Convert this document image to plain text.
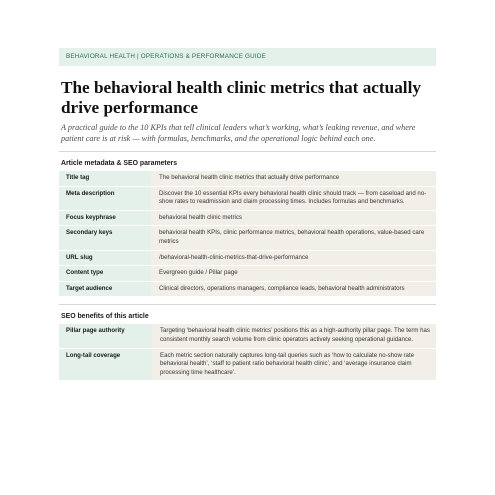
BEHAVIORAL HEALTH | OPERATIONS & PERFORMANCE GUIDE
The behavioral health clinic metrics that actually drive performance
A practical guide to the 10 KPIs that tell clinical leaders what’s working, what’s leaking revenue, and where patient care is at risk — with formulas, benchmarks, and the operational logic behind each one.
Article metadata & SEO parameters
Title tag	The behavioral health clinic metrics that actually drive performance
Meta description	Discover the 10 essential KPIs every behavioral health clinic should track — from caseload and no-show rates to readmission and claim processing times. Includes formulas and benchmarks.
Focus keyphrase	behavioral health clinic metrics
Secondary keys	behavioral health KPIs, clinic performance metrics, behavioral health operations, value-based care metrics
URL slug	/behavioral-health-clinic-metrics-that-drive-performance
Content type	Evergreen guide / Pillar page
Target audience	Clinical directors, operations managers, compliance leads, behavioral health administrators
SEO benefits of this article
Pillar page authority	Targeting ‘behavioral health clinic metrics’ positions this as a high-authority pillar page. The term has consistent monthly search volume from clinic operators actively seeking operational guidance.
Long-tail coverage	Each metric section naturally captures long-tail queries such as ‘how to calculate no-show rate behavioral health’, ‘staff to patient ratio behavioral health clinic’, and ‘average insurance claim processing time healthcare’.
